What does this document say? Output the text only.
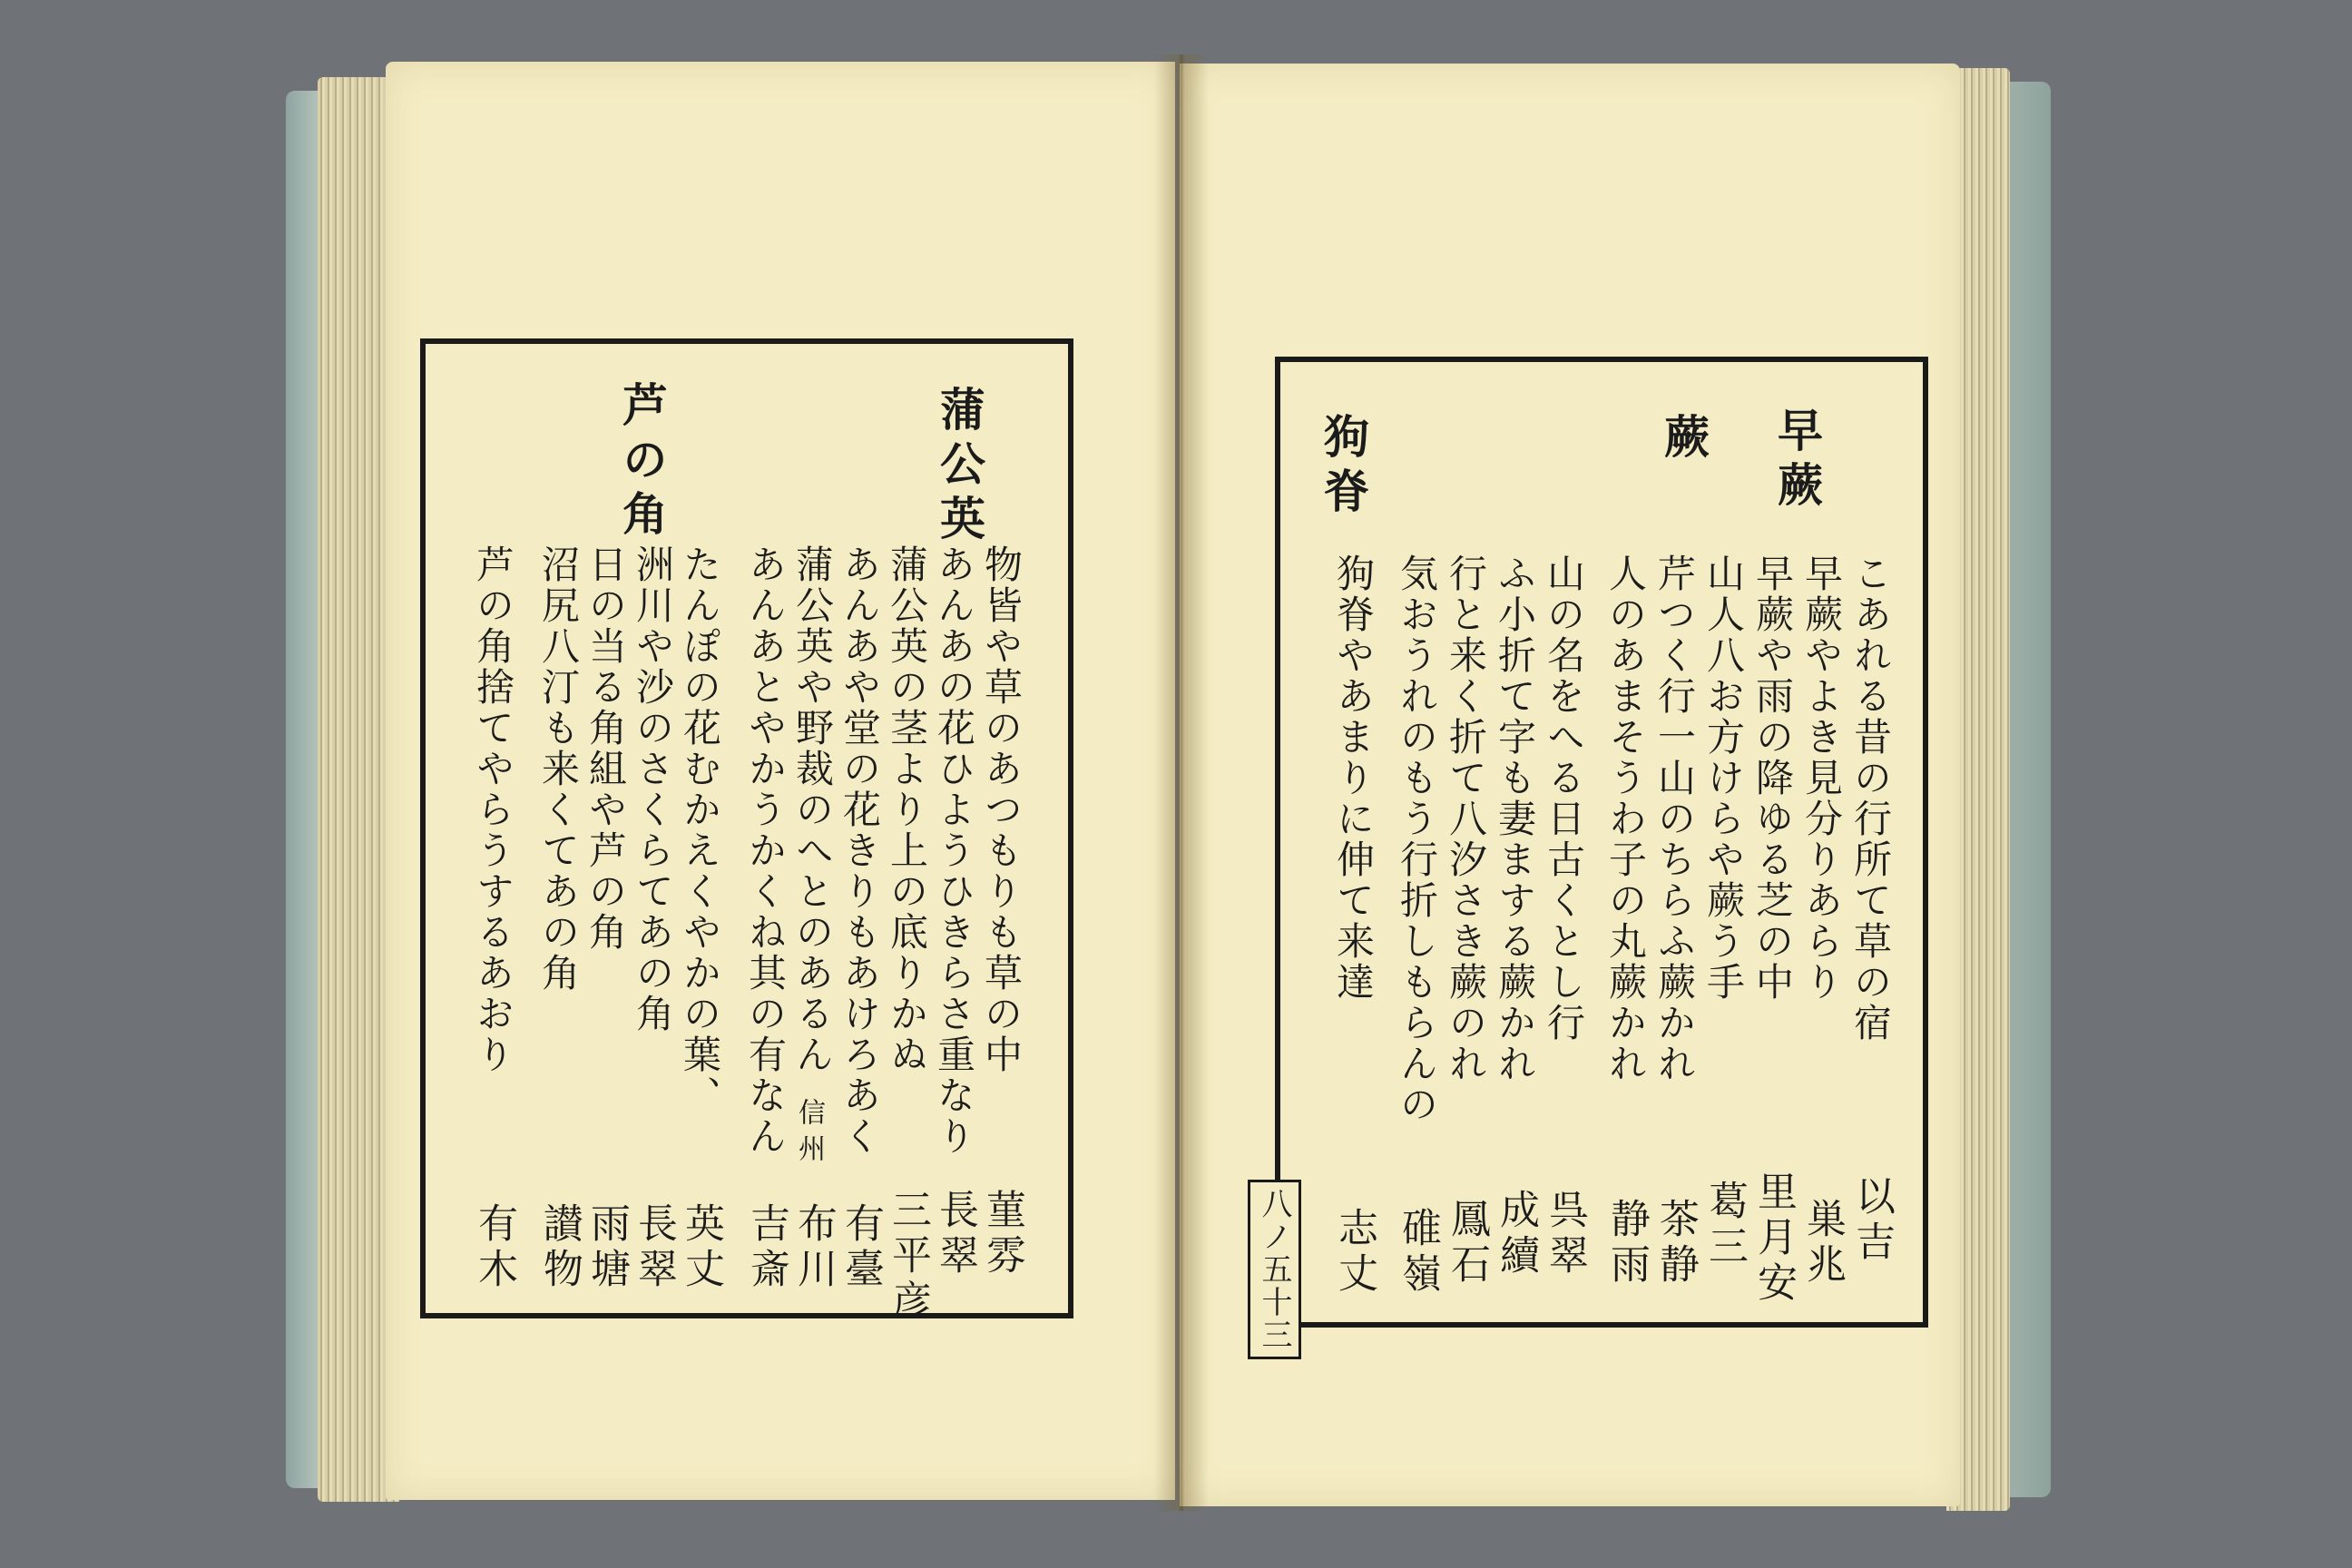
蒲公英
芦の角
物皆や草のあつもりも草の中
あんあの花ひようひきらさ重なり
蒲公英の茎より上の底りかぬ
あんあや堂の花きりもあけろあく
蒲公英や野裁のへとのあるん
あんあとやかうかくね其の有なん
たんぽの花むかえくやかの葉、
洲川や沙のさくらてあの角
日の当る角組や芦の角
沼尻八汀も来くてあの角
芦の角捨てやらうするあおり
信州
菫雰
長翠
三平彦
有臺
布川
吉斎
英丈
長翠
雨塘
讃物
有木
早蕨
蕨
狗脊
こあれる昔の行所て草の宿
早蕨やよき見分りあらり
早蕨や雨の降ゆる芝の中
山人八お方けらや蕨う手
芹つく行一山のちらふ蕨かれ
人のあまそうわ子の丸蕨かれ
山の名をへる日古くとし行
ふ小折て字も妻まする蕨かれ
行と来く折て八汐さき蕨のれ
気おうれのもう行折しもらんの
狗脊やあまりに伸て来達
以吉
巣兆
里月安
葛三
茶静
静雨
呉翠
成續
鳳石
碓嶺
志丈
八ノ五十三
